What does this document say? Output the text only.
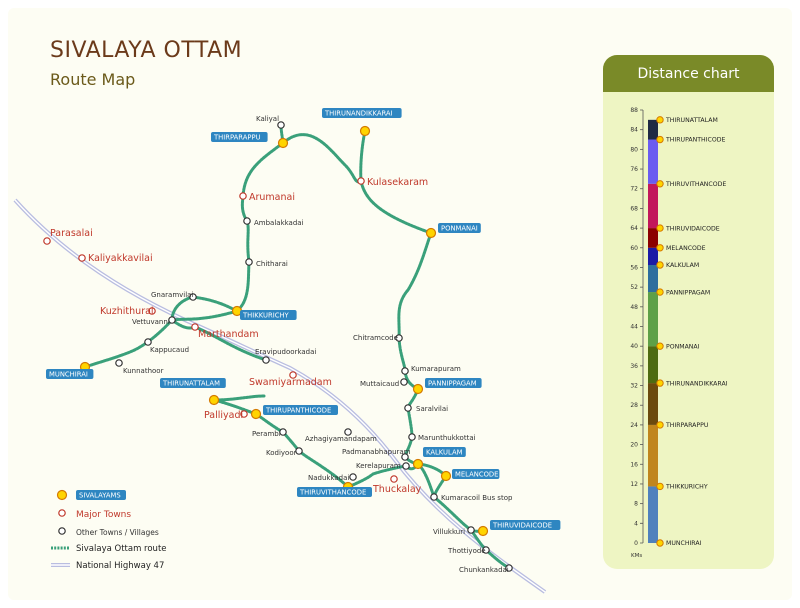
SIVALAYA OTTAM
Route Map
Kaliyal
Ambalakkadai
Chitharai
Gnaramvilai
Vettuvanni
Kappucaud
Kunnathoor
Eravipudoorkadai
Chitramcode
Kumarapuram
Muttaicaud
Saralvilai
Marunthukkottai
Padmanabhapuram
Kerelapuram
Azhagiyamandapam
Perambi
Kodiyoor
Nadukkadai
Kumaracoil Bus stop
Villukkuri
Thottiyode
Chunkankadai
Arumanai
Kulasekaram
Parasalai
Kaliyakkavilai
Kuzhithurai
Marthandam
Swamiyarmadam
Palliyadi
Thuckalay
THIRUNANDIKKARAI
THIRPARAPPU
PONMANAI
THIKKURICHY
MUNCHIRAI
THIRUNATTALAM
THIRUPANTHICODE
PANNIPPAGAM
KALKULAM
MELANCODE
THIRUVITHANCODE
THIRUVIDAICODE
SIVALAYAMS
Major Towns
Other Towns / Villages
Sivalaya Ottam route
National Highway 47
Distance chart
0
4
8
12
16
20
24
28
32
36
40
44
48
52
56
60
64
68
72
76
80
84
88
KMs
MUNCHIRAI
THIKKURICHY
THIRPARAPPU
THIRUNANDIKKARAI
PONMANAI
PANNIPPAGAM
KALKULAM
MELANCODE
THIRUVIDAICODE
THIRUVITHANCODE
THIRUPANTHICODE
THIRUNATTALAM
